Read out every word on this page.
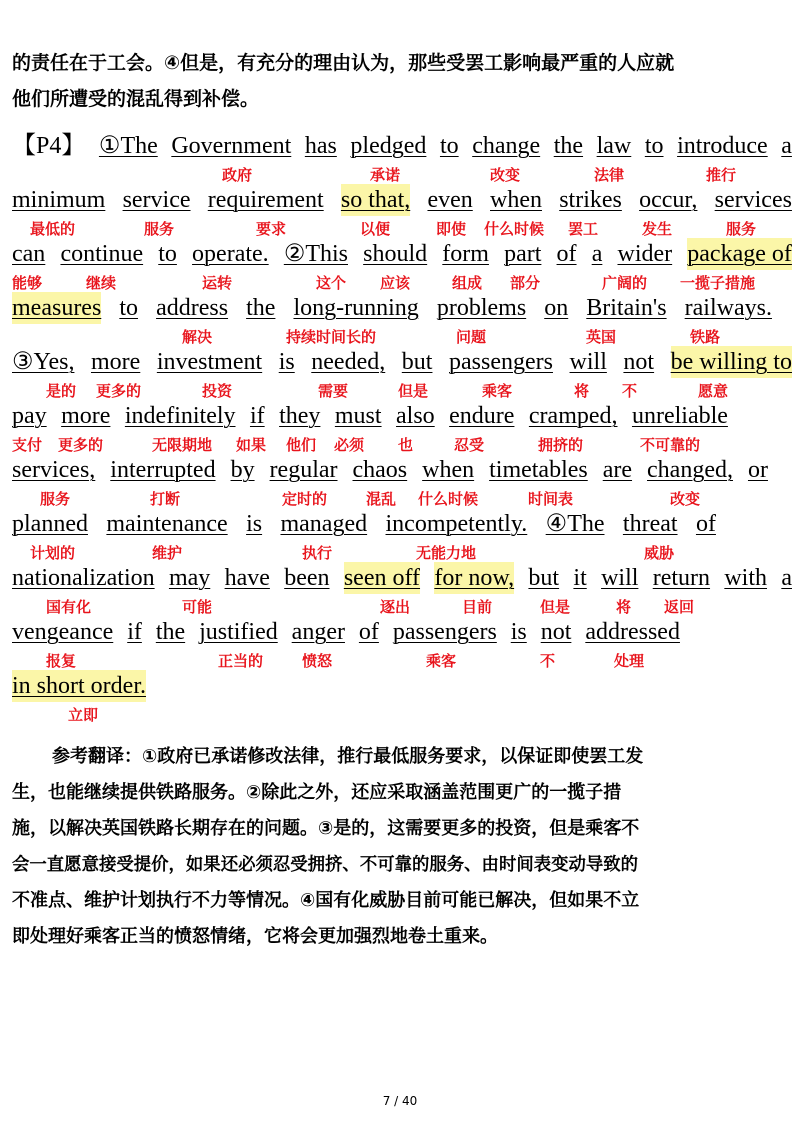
的责任在于工会。④但是，有充分的理由认为，那些受罢工影响最严重的人应就
他们所遭受的混乱得到补偿。
【P4】 ①The Government has pledged to change the law to introduce a
政府	承诺	改变	法律	推行
minimum service requirement so that, even when strikes occur, services
最低的	服务	要求	以便	即使 什么时候 罢工	发生	服务
can continue to operate. ②This should form part of a wider package of
能够	继续	运转	这个 应该	组成 部分	广阔的 一揽子措施
measures to address the long-running problems on Britain's railways.
解决	持续时间长的	问题	英国	铁路
③Yes, more investment is needed, but passengers will not be willing to
是的 更多的	投资	需要	但是	乘客	将 不	愿意
pay more indefinitely if they must also endure cramped, unreliable
支付 更多的	无限期地 如果 他们 必须 也	忍受	拥挤的	不可靠的
services, interrupted by regular chaos when timetables are changed, or
服务	打断	定时的	混乱 什么时候	时间表	改变
planned maintenance is managed incompetently. ④The threat of
计划的	维护	执行	无能力地	威胁
nationalization may have been seen off for now, but it will return with a
国有化	可能	逐出	目前	但是	将 返回
vengeance if the justified anger of passengers is not addressed
报复	正当的	愤怒	乘客	不	处理
in short order.
立即
参考翻译：①政府已承诺修改法律，推行最低服务要求，以保证即使罢工发
生，也能继续提供铁路服务。②除此之外，还应采取涵盖范围更广的一揽子措
施，以解决英国铁路长期存在的问题。③是的，这需要更多的投资，但是乘客不
会一直愿意接受提价，如果还必须忍受拥挤、不可靠的服务、由时间表变动导致的
不准点、维护计划执行不力等情况。④国有化威胁目前可能已解决，但如果不立
即处理好乘客正当的愤怒情绪，它将会更加强烈地卷土重来。
7 / 40
